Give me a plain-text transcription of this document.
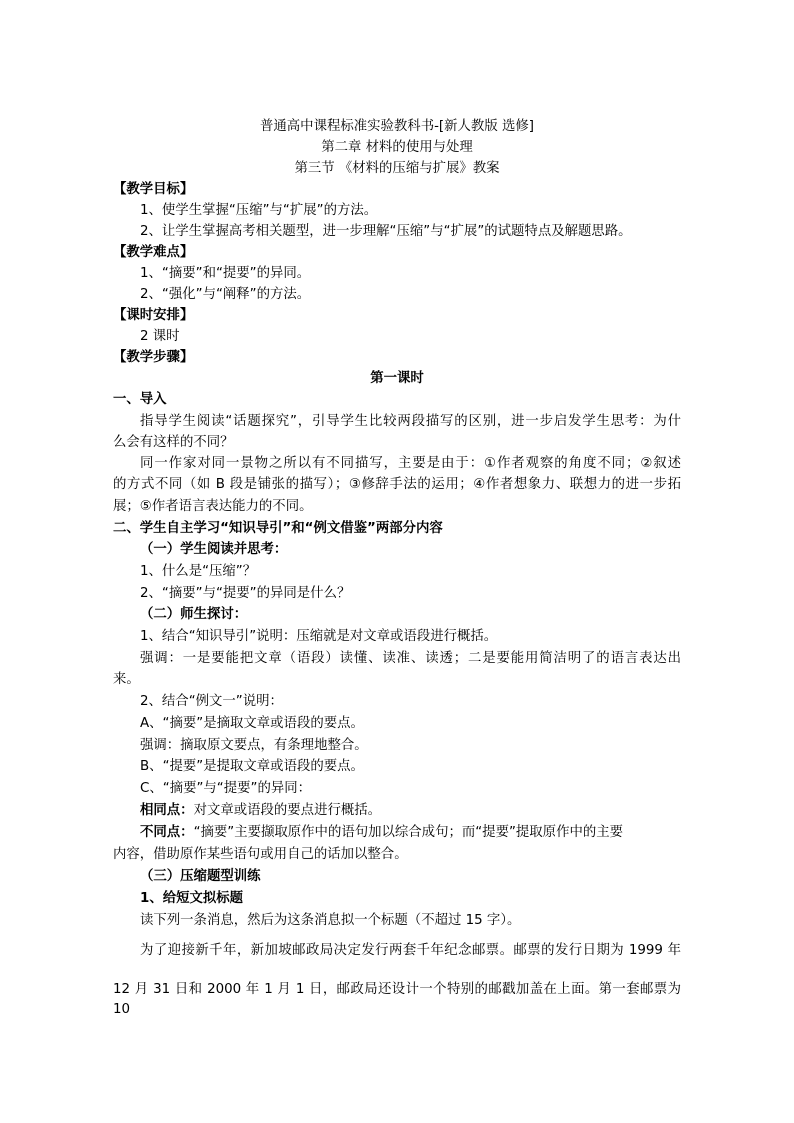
普通高中课程标准实验教科书-[新人教版 选修]
第二章 材料的使用与处理
第三节 《材料的压缩与扩展》教案
【教学目标】
1、使学生掌握“压缩”与“扩展”的方法。
2、让学生掌握高考相关题型，进一步理解“压缩”与“扩展”的试题特点及解题思路。
【教学难点】
1、“摘要”和“提要”的异同。
2、“强化”与“阐释”的方法。
【课时安排】
2 课时
【教学步骤】
第一课时
一、导入
指导学生阅读“话题探究”，引导学生比较两段描写的区别，进一步启发学生思考：为什
么会有这样的不同？
同一作家对同一景物之所以有不同描写，主要是由于：①作者观察的角度不同；②叙述
的方式不同（如 B 段是铺张的描写）；③修辞手法的运用；④作者想象力、联想力的进一步拓
展；⑤作者语言表达能力的不同。
二、学生自主学习“知识导引”和“例文借鉴”两部分内容
（一）学生阅读并思考：
1、什么是“压缩”？
2、“摘要”与“提要”的异同是什么？
（二）师生探讨：
1、结合“知识导引”说明：压缩就是对文章或语段进行概括。
强调：一是要能把文章（语段）读懂、读准、读透；二是要能用简洁明了的语言表达出
来。
2、结合“例文一”说明：
A、“摘要”是摘取文章或语段的要点。
强调：摘取原文要点，有条理地整合。
B、“提要”是提取文章或语段的要点。
C、“摘要”与“提要”的异同：
相同点：对文章或语段的要点进行概括。
不同点：“摘要”主要撷取原作中的语句加以综合成句；而“提要”提取原作中的主要
内容，借助原作某些语句或用自己的话加以整合。
（三）压缩题型训练
1、给短文拟标题
读下列一条消息，然后为这条消息拟一个标题（不超过 15 字）。
为了迎接新千年，新加坡邮政局决定发行两套千年纪念邮票。邮票的发行日期为 1999 年
12 月 31 日和 2000 年 1 月 1 日，邮政局还设计一个特别的邮戳加盖在上面。第一套邮票为 10
